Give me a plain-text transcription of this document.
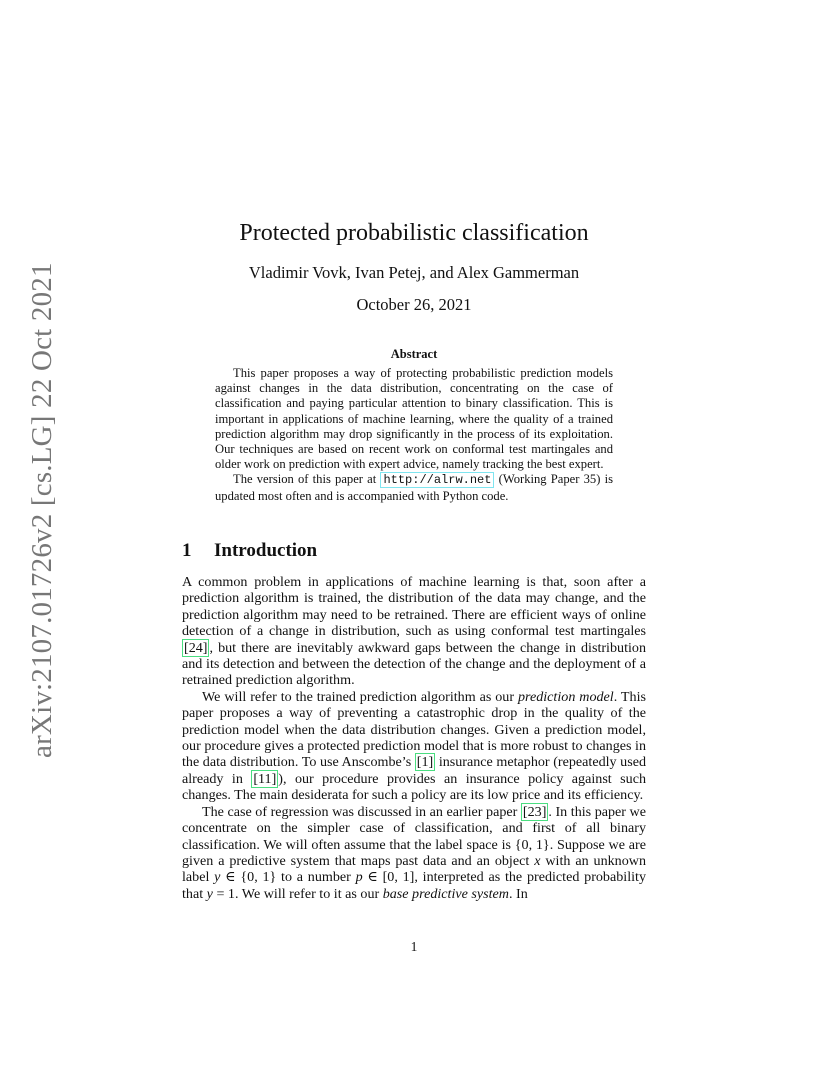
arXiv:2107.01726v2 [cs.LG] 22 Oct 2021
Protected probabilistic classification
Vladimir Vovk, Ivan Petej, and Alex Gammerman
October 26, 2021
Abstract

This paper proposes a way of protecting probabilistic prediction models against changes in the data distribution, concentrating on the case of classification and paying particular attention to binary classification. This is important in applications of machine learning, where the quality of a trained prediction algorithm may drop significantly in the process of its exploitation. Our techniques are based on recent work on conformal test martingales and older work on prediction with expert advice, namely tracking the best expert.

The version of this paper at http://alrw.net (Working Paper 35) is updated most often and is accompanied with Python code.

1 Introduction

A common problem in applications of machine learning is that, soon after a prediction algorithm is trained, the distribution of the data may change, and the prediction algorithm may need to be retrained. There are efficient ways of online detection of a change in distribution, such as using conformal test martingales [24] , but there are inevitably awkward gaps between the change in distribution and its detection and between the detection of the change and the deployment of a retrained prediction algorithm.

We will refer to the trained prediction algorithm as our prediction model. This paper proposes a way of preventing a catastrophic drop in the quality of the prediction model when the data distribution changes. Given a prediction model, our procedure gives a protected prediction model that is more robust to changes in the data distribution. To use Anscombe’s [1] insurance metaphor (repeatedly used already in [11] ), our procedure provides an insurance policy against such changes. The main desiderata for such a policy are its low price and its efficiency.

The case of regression was discussed in an earlier paper [23] . In this paper we concentrate on the simpler case of classification, and first of all binary classification. We will often assume that the label space is {0, 1}. Suppose we are given a predictive system that maps past data and an object x with an unknown label y ∈ {0, 1} to a number p ∈ [0, 1], interpreted as the predicted probability that y = 1. We will refer to it as our base predictive system. In

1
